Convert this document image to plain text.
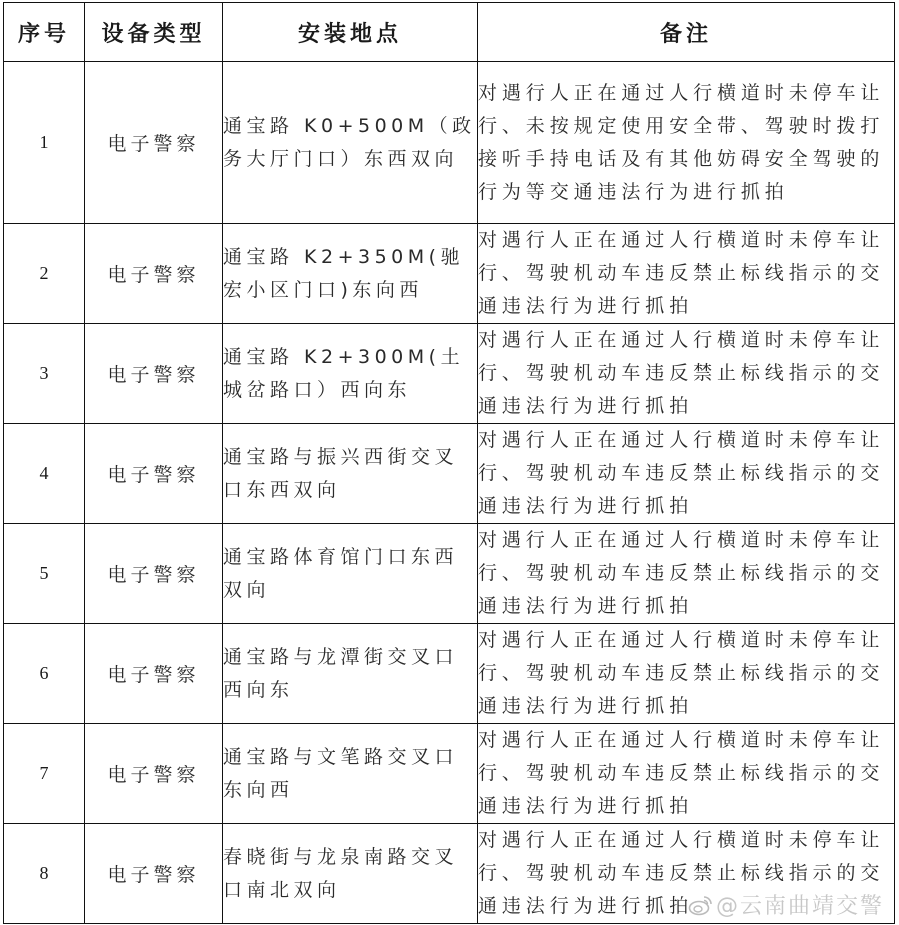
序号	设备类型	安装地点	备注
1	电子警察	通宝路 K0+500M（政务大厅门口）东西双向	对遇行人正在通过人行横道时未停车让行、未按规定使用安全带、驾驶时拨打接听手持电话及有其他妨碍安全驾驶的行为等交通违法行为进行抓拍
2	电子警察	通宝路 K2+350M(驰宏小区门口)东向西	对遇行人正在通过人行横道时未停车让行、驾驶机动车违反禁止标线指示的交通违法行为进行抓拍
3	电子警察	通宝路 K2+300M(土城岔路口）西向东	对遇行人正在通过人行横道时未停车让行、驾驶机动车违反禁止标线指示的交通违法行为进行抓拍
4	电子警察	通宝路与振兴西街交叉口东西双向	对遇行人正在通过人行横道时未停车让行、驾驶机动车违反禁止标线指示的交通违法行为进行抓拍
5	电子警察	通宝路体育馆门口东西双向	对遇行人正在通过人行横道时未停车让行、驾驶机动车违反禁止标线指示的交通违法行为进行抓拍
6	电子警察	通宝路与龙潭街交叉口西向东	对遇行人正在通过人行横道时未停车让行、驾驶机动车违反禁止标线指示的交通违法行为进行抓拍
7	电子警察	通宝路与文笔路交叉口东向西	对遇行人正在通过人行横道时未停车让行、驾驶机动车违反禁止标线指示的交通违法行为进行抓拍
8	电子警察	春晓街与龙泉南路交叉口南北双向	对遇行人正在通过人行横道时未停车让行、驾驶机动车违反禁止标线指示的交通违法行为进行抓拍 @云南曲靖交警
